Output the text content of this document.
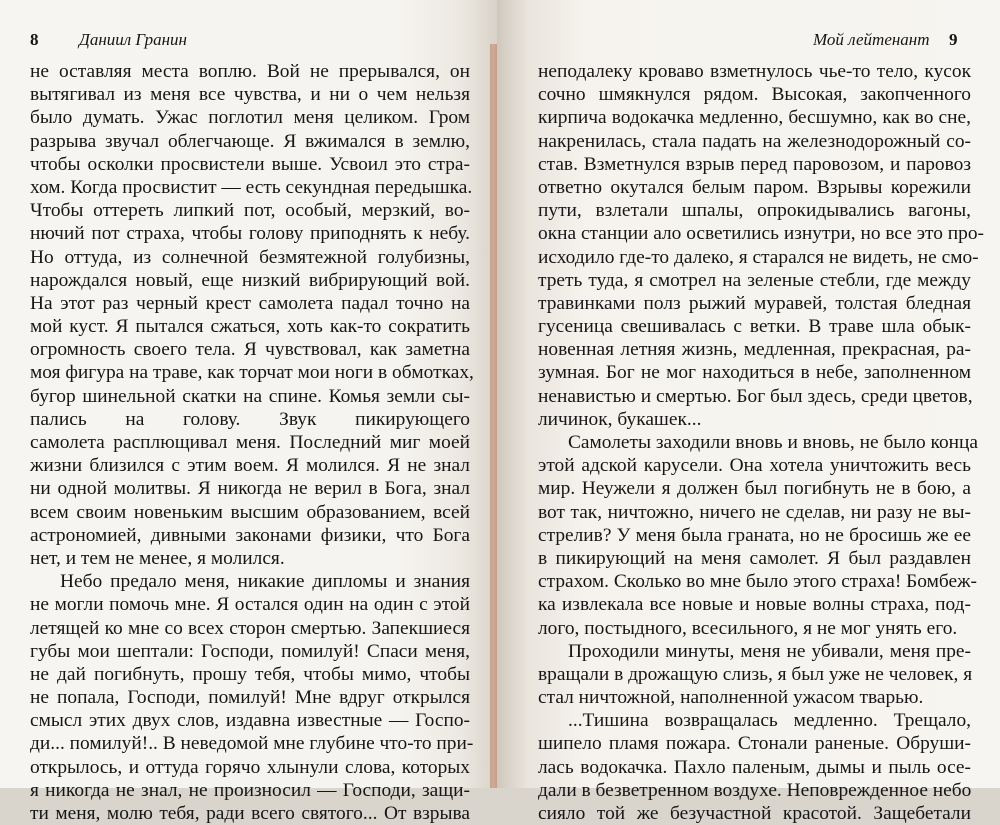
8 Даниил Гранин
не оставляя места воплю. Вой не прерывался, он
вытягивал из меня все чувства, и ни о чем нельзя
было думать. Ужас поглотил меня целиком. Гром
разрыва звучал облегчающе. Я вжимался в землю,
чтобы осколки просвистели выше. Усвоил это стра-
хом. Когда просвистит — есть секундная передышка.
Чтобы оттереть липкий пот, особый, мерзкий, во-
нючий пот страха, чтобы голову приподнять к небу.
Но оттуда, из солнечной безмятежной голубизны,
нарождался новый, еще низкий вибрирующий вой.
На этот раз черный крест самолета падал точно на
мой куст. Я пытался сжаться, хоть как-то сократить
огромность своего тела. Я чувствовал, как заметна
моя фигура на траве, как торчат мои ноги в обмотках,
бугор шинельной скатки на спине. Комья земли сы-
пались на голову. Звук пикирующего
самолета расплющивал меня. Последний миг моей
жизни близился с этим воем. Я молился. Я не знал
ни одной молитвы. Я никогда не верил в Бога, знал
всем своим новеньким высшим образованием, всей
астрономией, дивными законами физики, что Бога
нет, и тем не менее, я молился.
Небо предало меня, никакие дипломы и знания
не могли помочь мне. Я остался один на один с этой
летящей ко мне со всех сторон смертью. Запекшиеся
губы мои шептали: Господи, помилуй! Спаси меня,
не дай погибнуть, прошу тебя, чтобы мимо, чтобы
не попала, Господи, помилуй! Мне вдруг открылся
смысл этих двух слов, издавна известные — Госпо-
ди... помилуй!.. В неведомой мне глубине что-то при-
открылось, и оттуда горячо хлынули слова, которых
я никогда не знал, не произносил — Господи, защи-
ти меня, молю тебя, ради всего святого... От взрыва
Мой лейтенант 9
неподалеку кроваво взметнулось чье-то тело, кусок
сочно шмякнулся рядом. Высокая, закопченного
кирпича водокачка медленно, бесшумно, как во сне,
накренилась, стала падать на железнодорожный со-
став. Взметнулся взрыв перед паровозом, и паровоз
ответно окутался белым паром. Взрывы корежили
пути, взлетали шпалы, опрокидывались вагоны,
окна станции ало осветились изнутри, но все это про-
исходило где-то далеко, я старался не видеть, не смо-
треть туда, я смотрел на зеленые стебли, где между
травинками полз рыжий муравей, толстая бледная
гусеница свешивалась с ветки. В траве шла обык-
новенная летняя жизнь, медленная, прекрасная, ра-
зумная. Бог не мог находиться в небе, заполненном
ненавистью и смертью. Бог был здесь, среди цветов,
личинок, букашек...
Самолеты заходили вновь и вновь, не было конца
этой адской карусели. Она хотела уничтожить весь
мир. Неужели я должен был погибнуть не в бою, а
вот так, ничтожно, ничего не сделав, ни разу не вы-
стрелив? У меня была граната, но не бросишь же ее
в пикирующий на меня самолет. Я был раздавлен
страхом. Сколько во мне было этого страха! Бомбеж-
ка извлекала все новые и новые волны страха, под-
лого, постыдного, всесильного, я не мог унять его.
Проходили минуты, меня не убивали, меня пре-
вращали в дрожащую слизь, я был уже не человек, я
стал ничтожной, наполненной ужасом тварью.
...Тишина возвращалась медленно. Трещало,
шипело пламя пожара. Стонали раненые. Обруши-
лась водокачка. Пахло паленым, дымы и пыль осе-
дали в безветренном воздухе. Неповрежденное небо
сияло той же безучастной красотой. Защебетали
